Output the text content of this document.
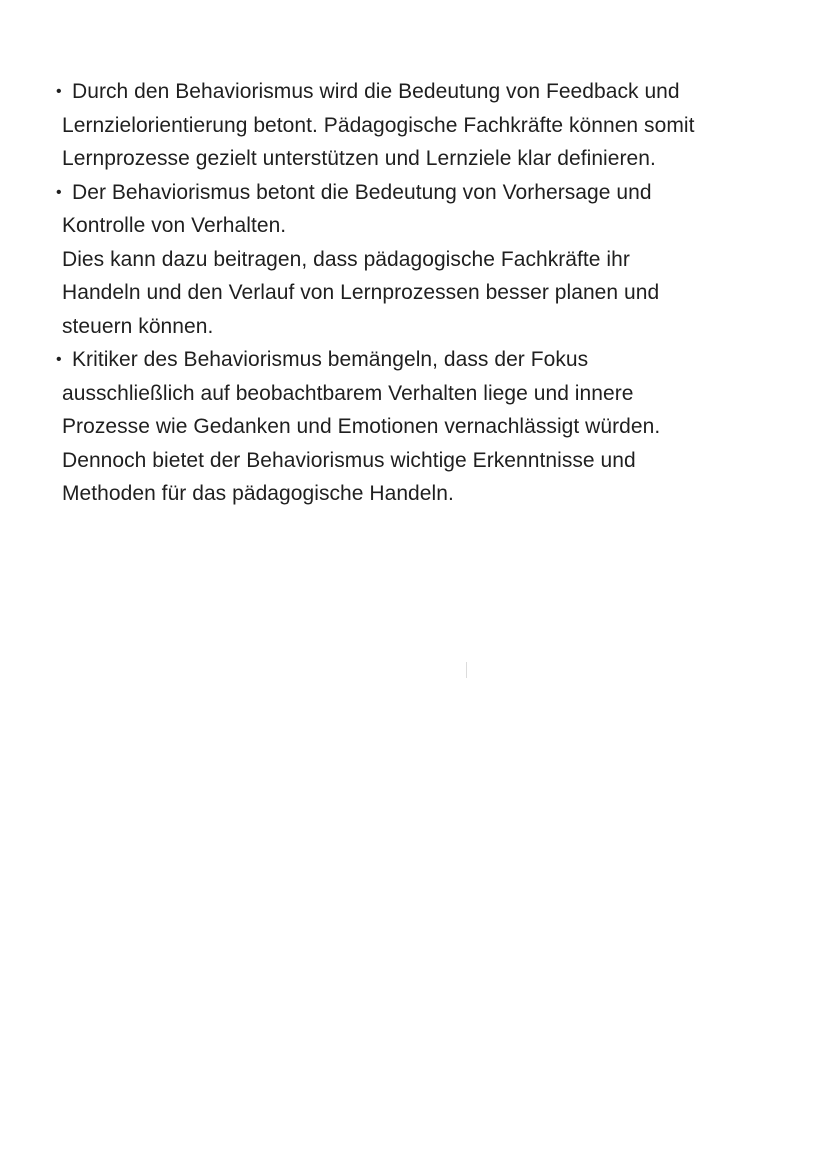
• Durch den Behaviorismus wird die Bedeutung von Feedback und
Lernzielorientierung betont. Pädagogische Fachkräfte können somit
Lernprozesse gezielt unterstützen und Lernziele klar definieren.
• Der Behaviorismus betont die Bedeutung von Vorhersage und
Kontrolle von Verhalten.
Dies kann dazu beitragen, dass pädagogische Fachkräfte ihr
Handeln und den Verlauf von Lernprozessen besser planen und
steuern können.
• Kritiker des Behaviorismus bemängeln, dass der Fokus
ausschließlich auf beobachtbarem Verhalten liege und innere
Prozesse wie Gedanken und Emotionen vernachlässigt würden.
Dennoch bietet der Behaviorismus wichtige Erkenntnisse und
Methoden für das pädagogische Handeln.
